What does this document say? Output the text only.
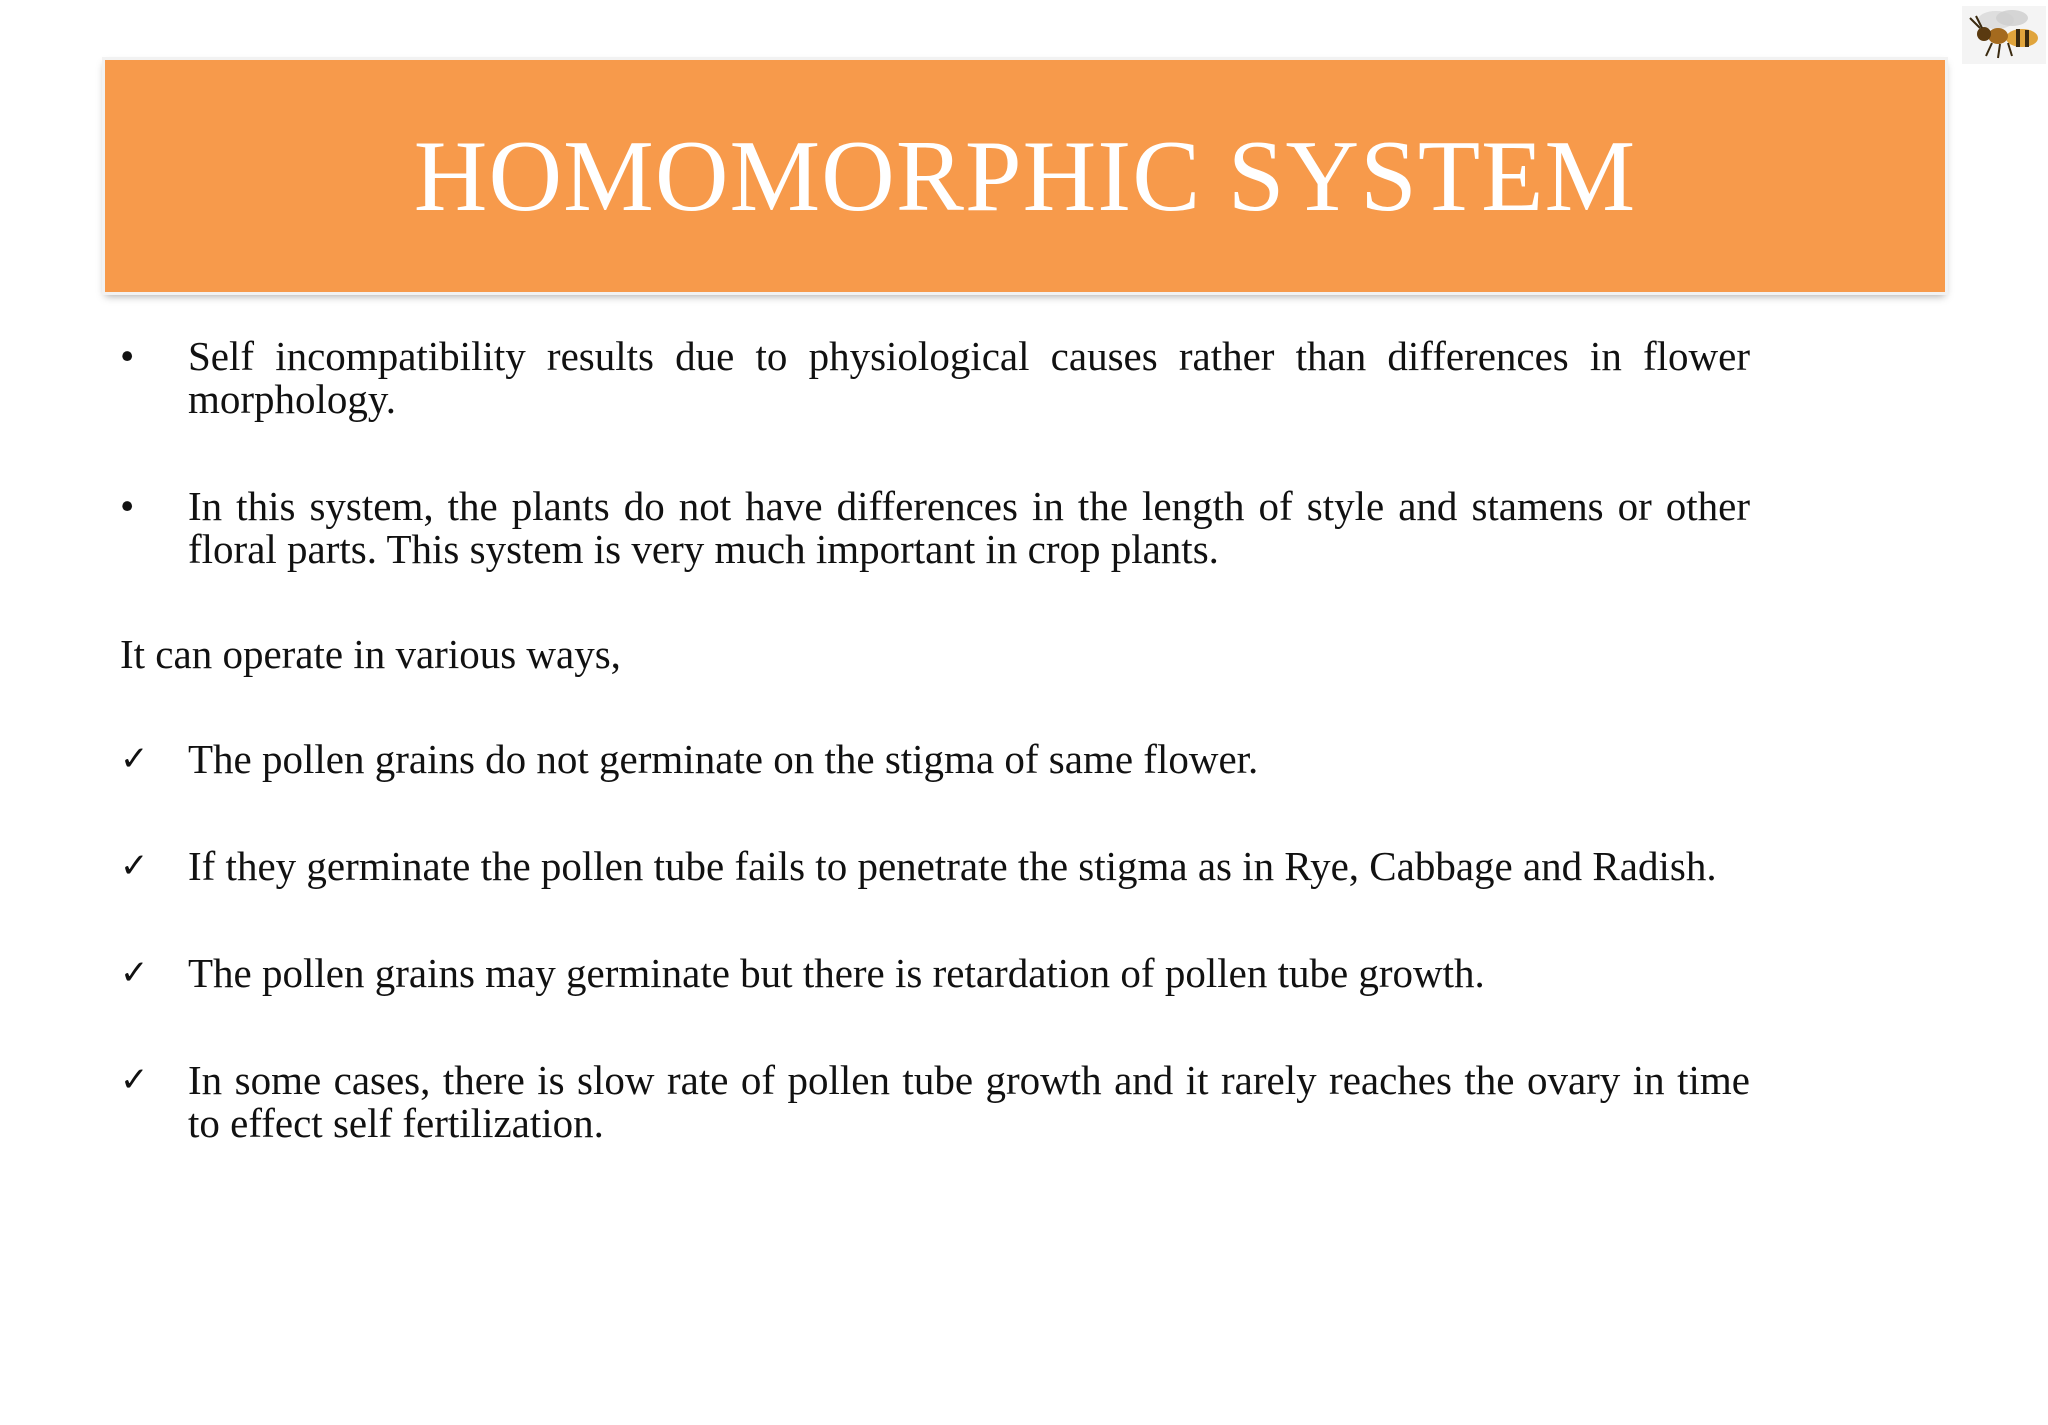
HOMOMORPHIC SYSTEM
•	Self incompatibility results due to physiological causes rather than differences in flower morphology.
•	In this system, the plants do not have differences in the length of style and stamens or other floral parts. This system is very much important in crop plants.
It can operate in various ways,
✓ The pollen grains do not germinate on the stigma of same flower.
✓ If they germinate the pollen tube fails to penetrate the stigma as in Rye, Cabbage and Radish.
✓ The pollen grains may germinate but there is retardation of pollen tube growth.
✓ In some cases, there is slow rate of pollen tube growth and it rarely reaches the ovary in time to effect self fertilization.
